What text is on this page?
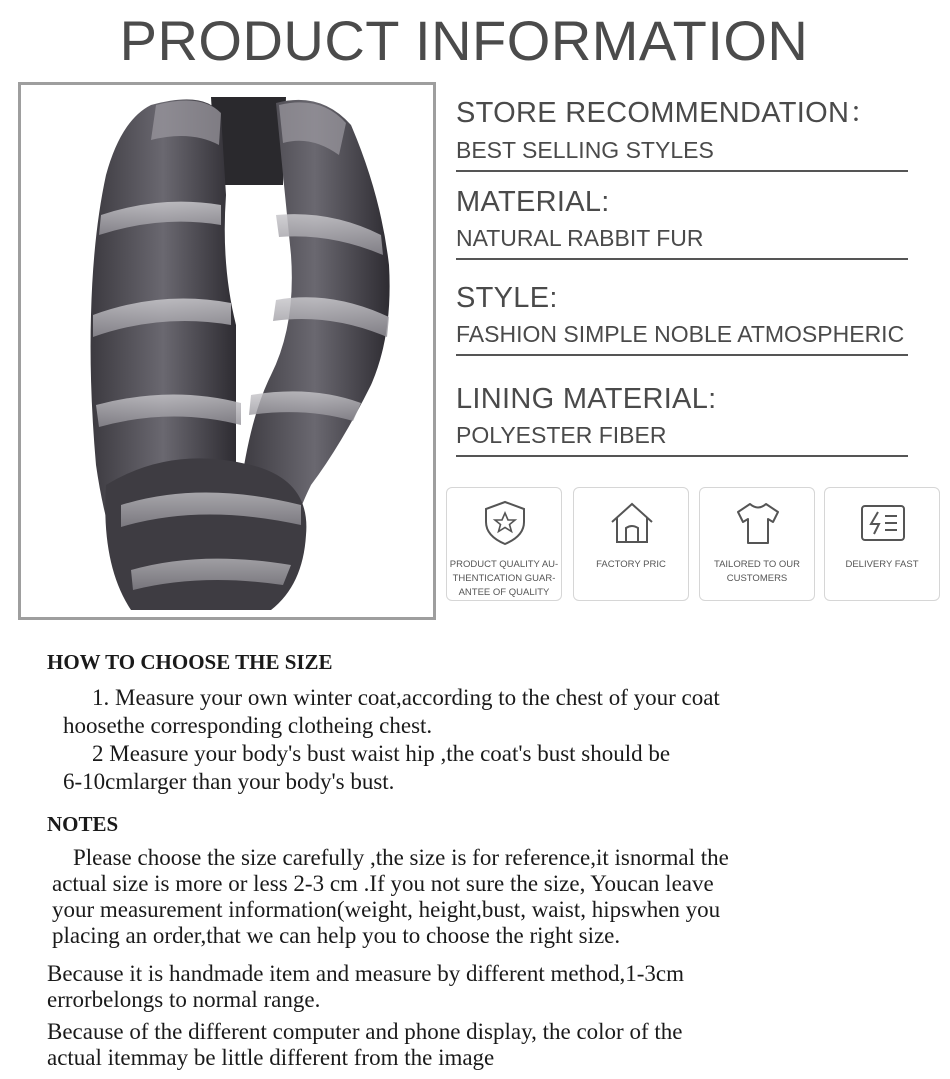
PRODUCT INFORMATION
STORE RECOMMENDATION：
BEST SELLING STYLES
MATERIAL:
NATURAL RABBIT FUR
STYLE:
FASHION SIMPLE NOBLE ATMOSPHERIC
LINING MATERIAL:
POLYESTER FIBER
PRODUCT QUALITY AU-
THENTICATION GUAR-
ANTEE OF QUALITY
FACTORY PRIC	TAILORED TO OUR
CUSTOMERS
DELIVERY FAST
HOW TO CHOOSE THE SIZE
1. Measure your own winter coat,according to the chest of your coat
hoosethe corresponding clotheing chest.
2 Measure your body's bust waist hip ,the coat's bust should be
6-10cmlarger than your body's bust.
NOTES
Please choose the size carefully ,the size is for reference,it isnormal the
actual size is more or less 2-3 cm .If you not sure the size, Youcan leave
your measurement information(weight, height,bust, waist, hipswhen you
placing an order,that we can help you to choose the right size.
Because it is handmade item and measure by different method,1-3cm
errorbelongs to normal range.
Because of the different computer and phone display, the color of the
actual itemmay be little different from the image
